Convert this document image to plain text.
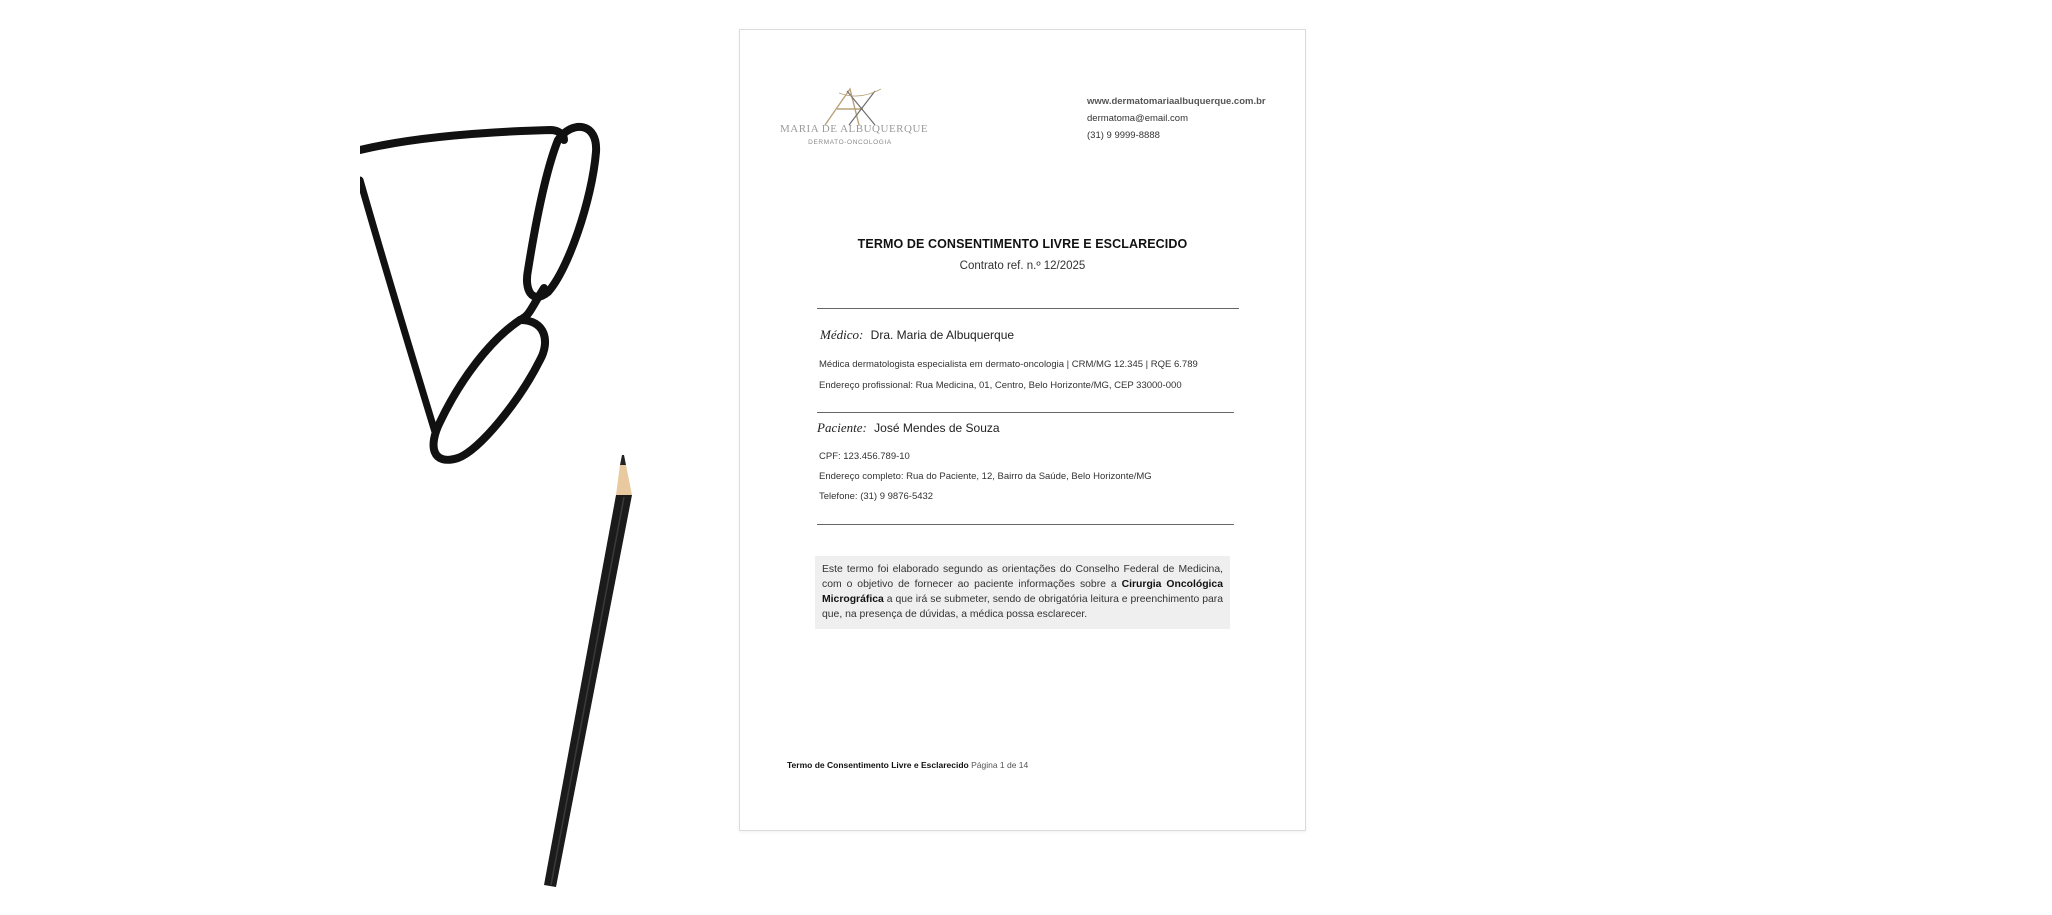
MARIA DE ALBUQUERQUE
DERMATO-ONCOLOGIA
www.dermatomariaalbuquerque.com.br
dermatoma@email.com
(31) 9 9999-8888
TERMO DE CONSENTIMENTO LIVRE E ESCLARECIDO
Contrato ref. n.º 12/2025
Médico: Dra. Maria de Albuquerque
Médica dermatologista especialista em dermato-oncologia | CRM/MG 12.345 | RQE 6.789
Endereço profissional: Rua Medicina, 01, Centro, Belo Horizonte/MG, CEP 33000-000
Paciente: José Mendes de Souza
CPF: 123.456.789-10
Endereço completo: Rua do Paciente, 12, Bairro da Saúde, Belo Horizonte/MG
Telefone: (31) 9 9876-5432
Este termo foi elaborado segundo as orientações do Conselho Federal de Medicina, com o objetivo de fornecer ao paciente informações sobre a Cirurgia Oncológica Micrográfica a que irá se submeter, sendo de obrigatória leitura e preenchimento para que, na presença de dúvidas, a médica possa esclarecer.
Termo de Consentimento Livre e Esclarecido Página 1 de 14
